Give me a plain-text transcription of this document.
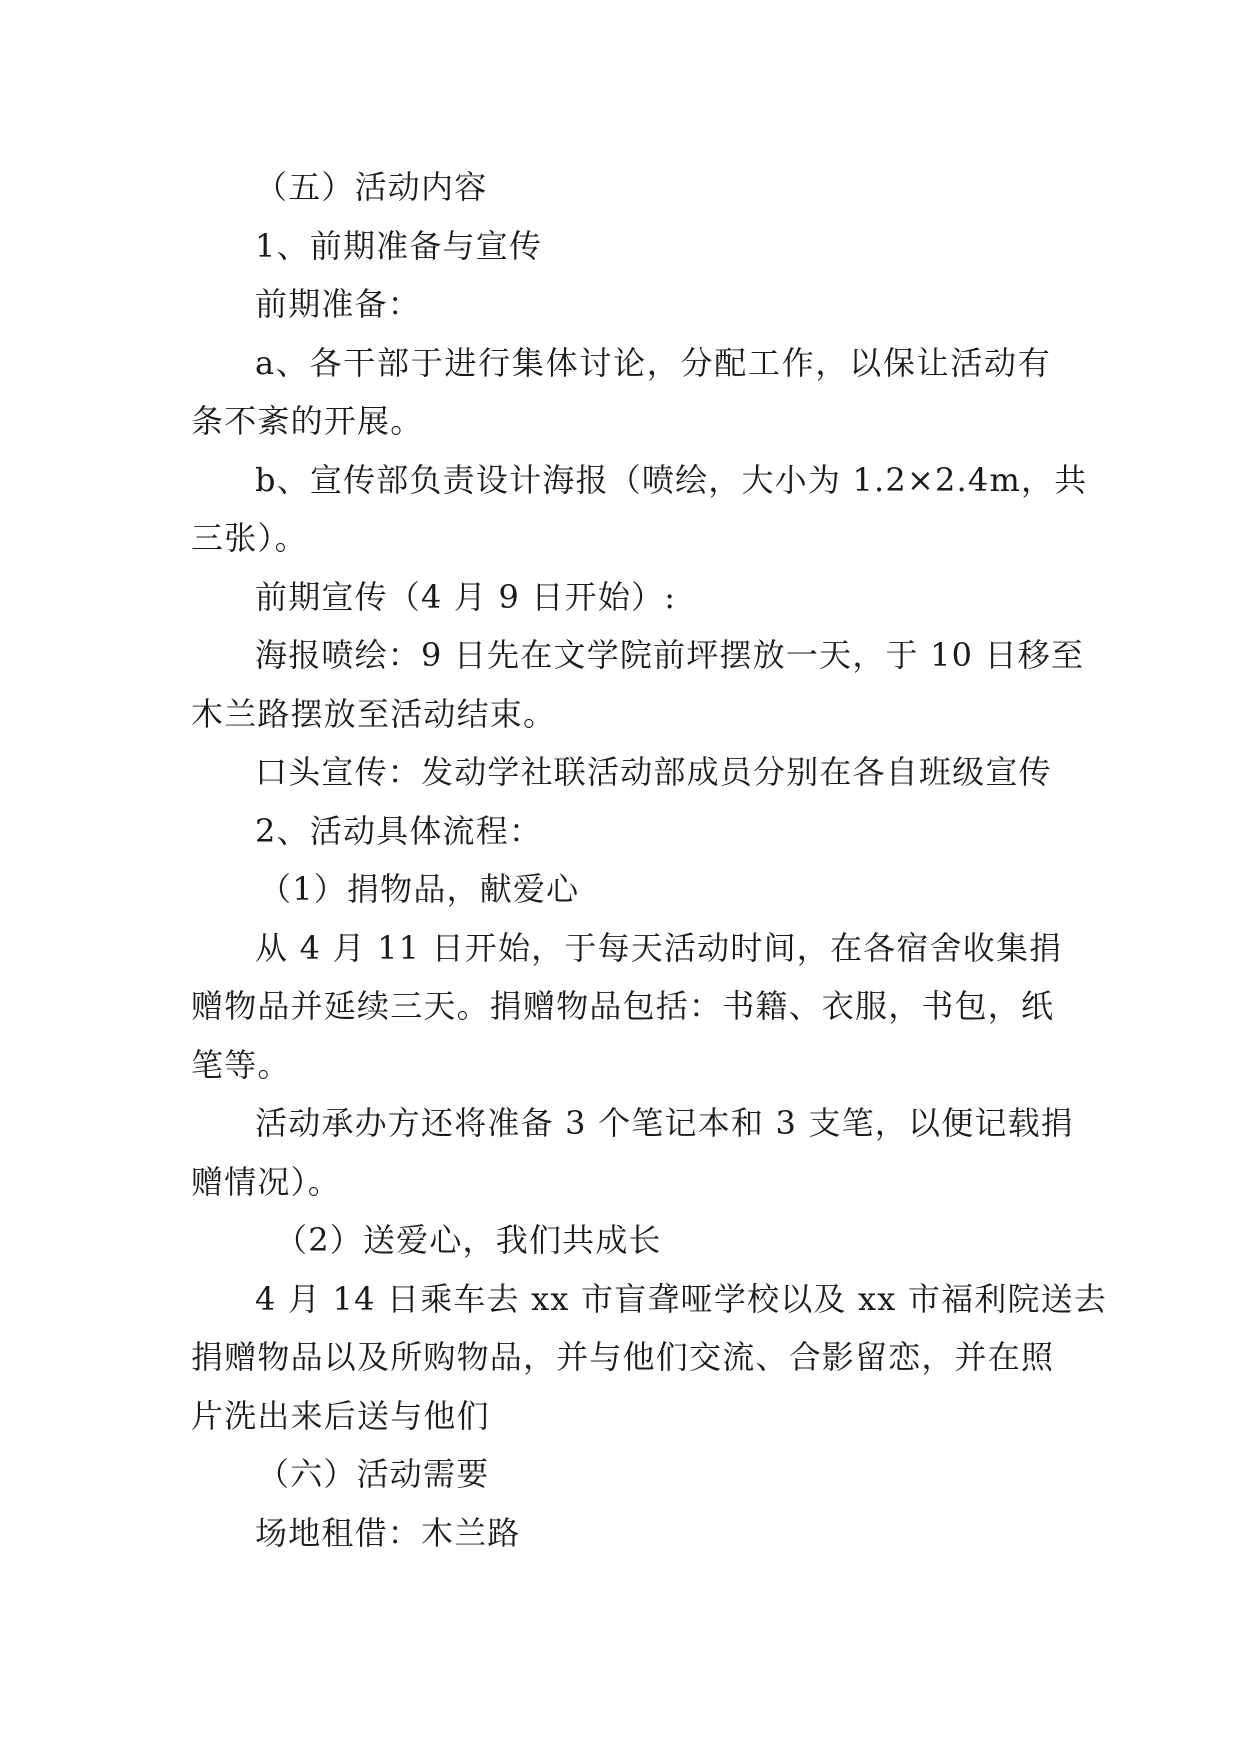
（五）活动内容
1、前期准备与宣传
前期准备：
a、各干部于进行集体讨论，分配工作，以保让活动有
条不紊的开展。
b、宣传部负责设计海报（喷绘，大小为 1.2×2.4m，共
三张）。
前期宣传（4 月 9 日开始）:
海报喷绘：9 日先在文学院前坪摆放一天，于 10 日移至
木兰路摆放至活动结束。
口头宣传：发动学社联活动部成员分别在各自班级宣传
2、活动具体流程：
（1）捐物品，献爱心
从 4 月 11 日开始，于每天活动时间，在各宿舍收集捐
赠物品并延续三天。捐赠物品包括：书籍、衣服，书包，纸
笔等。
活动承办方还将准备 3 个笔记本和 3 支笔，以便记载捐
赠情况）。
（2）送爱心，我们共成长
4 月 14 日乘车去 xx 市盲聋哑学校以及 xx 市福利院送去
捐赠物品以及所购物品，并与他们交流、合影留恋，并在照
片洗出来后送与他们
（六）活动需要
场地租借：木兰路
